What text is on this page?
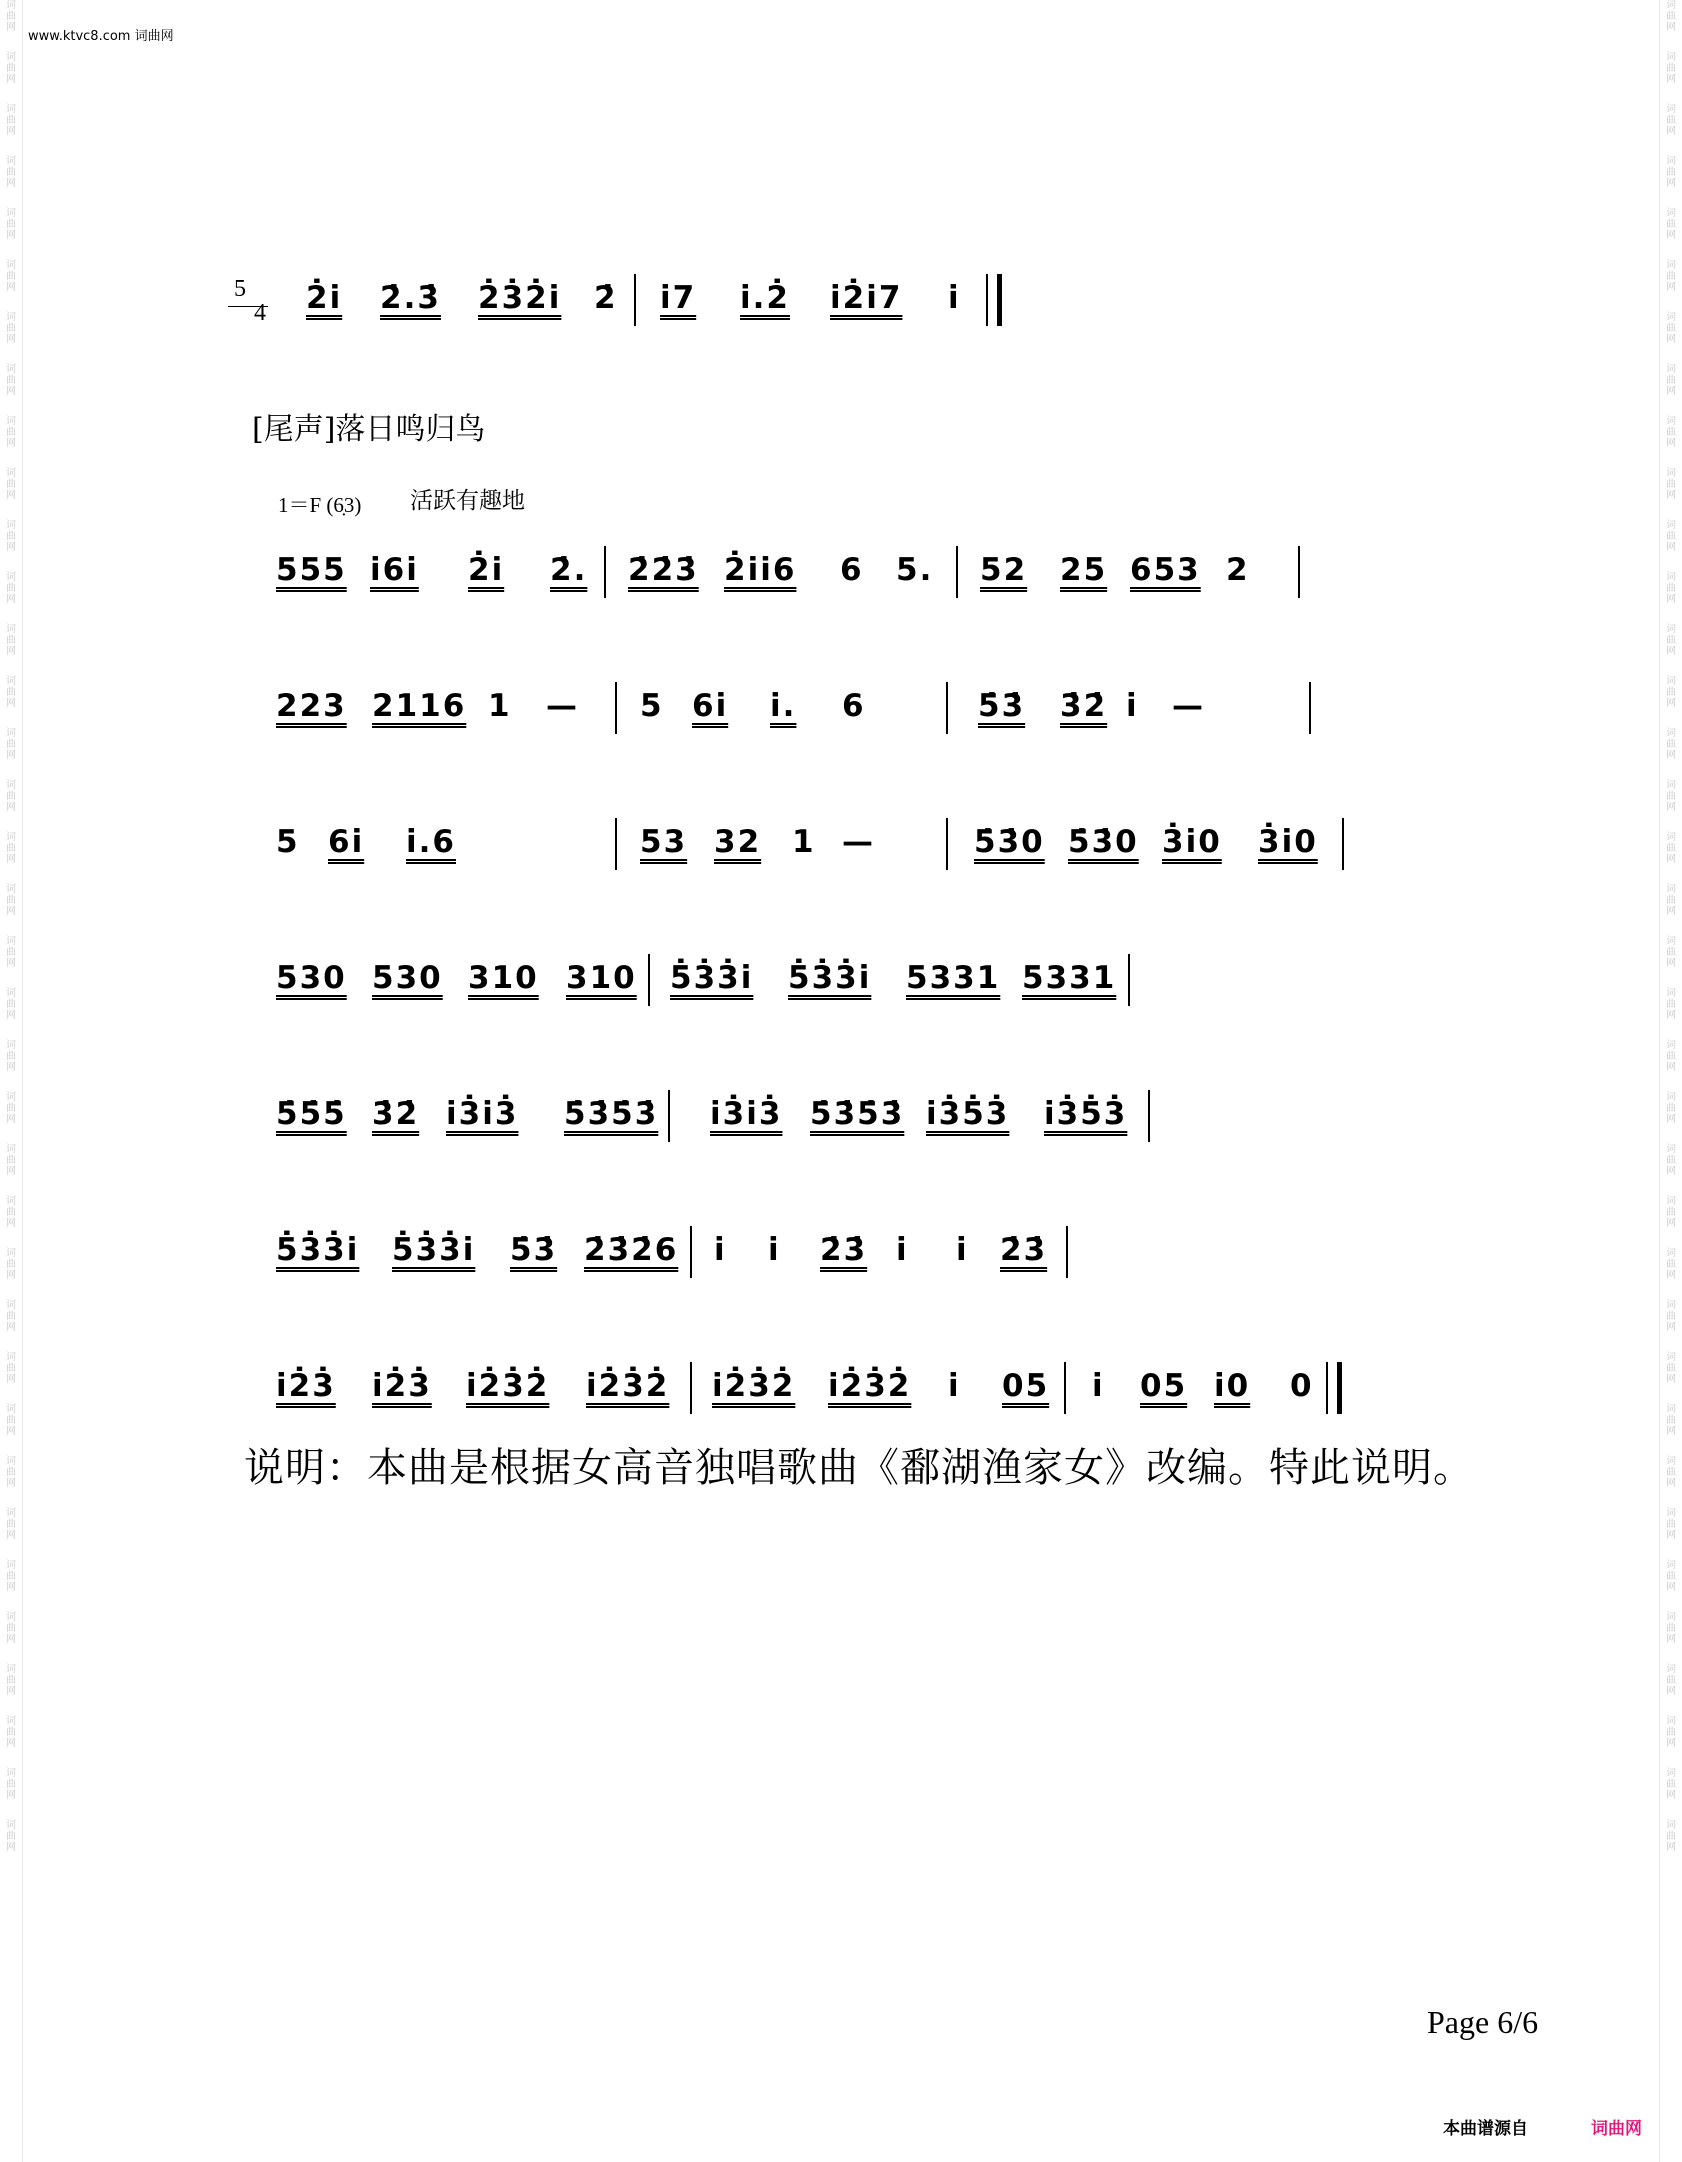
词
曲
网
词
曲
网
词
曲
网
词
曲
网
词
曲
网
词
曲
网
词
曲
网
词
曲
网
词
曲
网
词
曲
网
词
曲
网
词
曲
网
词
曲
网
词
曲
网
词
曲
网
词
曲
网
词
曲
网
词
曲
网
词
曲
网
词
曲
网
词
曲
网
词
曲
网
词
曲
网
词
曲
网
词
曲
网
词
曲
网
词
曲
网
词
曲
网
词
曲
网
词
曲
网
词
曲
网
词
曲
网
词
曲
网
词
曲
网
词
曲
网
词
曲
网
词
曲
网
词
曲
网
词
曲
网
词
曲
网
词
曲
网
词
曲
网
词
曲
网
词
曲
网
词
曲
网
词
曲
网
词
曲
网
词
曲
网
词
曲
网
词
曲
网
词
曲
网
词
曲
网
词
曲
网
词
曲
网
词
曲
网
词
曲
网
词
曲
网
词
曲
网
词
曲
网
词
曲
网
词
曲
网
词
曲
网
词
曲
网
词
曲
网
词
曲
网
词
曲
网
词
曲
网
词
曲
网
词
曲
网
词
曲
网
词
曲
网
词
曲
网
www.ktvc8.com 词曲网
5
4
[尾声]落日鸣归鸟
1＝F (6̣3) 活跃有趣地
2̇i̇ 2̇.3̇ 2̇3̇2̇i̇ 2̇ i̇7 i̇.2̇ i̇2̇i̇7 i̇
555 i̇6i̇ 2̇i̇ 2̇. 2̇2̇3̇ 2̇i̇i̇6 6 5. 52 25 653 2
223 2116 1 — 5 6i̇ i̇. 6	5̇3̇ 3̇2̇ i̇ —
5 6i̇ i̇.6	53 32 1 —	5̇3̇0 5̇3̇0 3̇i̇0 3̇i̇0
530 530 310 310 5̇3̇3̇i̇ 5̇3̇3̇i̇ 5331 5331
5̇5̇5̇ 3̇2̇ i̇3̇i̇3̇ 5̇3̇5̇3̇ i̇3̇i̇3̇ 5̇3̇5̇3̇ i̇3̇5̇3̇ i̇3̇5̇3̇
5̇3̇3̇i̇ 5̇3̇3̇i̇ 5̇3̇ 2̇3̇2̇6 i̇ i̇ 2̇3̇ i̇ i̇ 2̇3̇
i̇2̇3̇ i̇2̇3̇ i̇2̇3̇2̇ i̇2̇3̇2̇ i̇2̇3̇2̇ i̇2̇3̇2̇ i̇ 05 i̇ 05 i̇0 0
说明：本曲是根据女高音独唱歌曲《鄱湖渔家女》改编。特此说明。
Page 6/6
本曲谱源自	词曲网
